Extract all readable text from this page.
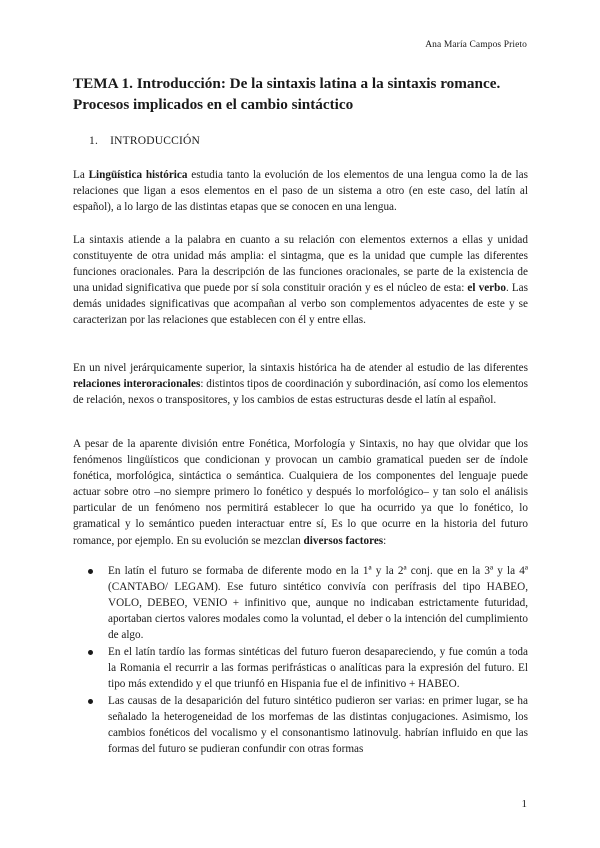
Ana María Campos Prieto
TEMA 1. Introducción: De la sintaxis latina a la sintaxis romance.
Procesos implicados en el cambio sintáctico
1. INTRODUCCIÓN
La Lingüística histórica estudia tanto la evolución de los elementos de una lengua como la de las relaciones que ligan a esos elementos en el paso de un sistema a otro (en este caso, del latín al español), a lo largo de las distintas etapas que se conocen en una lengua.
La sintaxis atiende a la palabra en cuanto a su relación con elementos externos a ellas y unidad constituyente de otra unidad más amplia: el sintagma, que es la unidad que cumple las diferentes funciones oracionales. Para la descripción de las funciones oracionales, se parte de la existencia de una unidad significativa que puede por sí sola constituir oración y es el núcleo de esta: el verbo. Las demás unidades significativas que acompañan al verbo son complementos adyacentes de este y se caracterizan por las relaciones que establecen con él y entre ellas.
En un nivel jerárquicamente superior, la sintaxis histórica ha de atender al estudio de las diferentes relaciones interoracionales: distintos tipos de coordinación y subordinación, así como los elementos de relación, nexos o transpositores, y los cambios de estas estructuras desde el latín al español.
A pesar de la aparente división entre Fonética, Morfología y Sintaxis, no hay que olvidar que los fenómenos lingüísticos que condicionan y provocan un cambio gramatical pueden ser de índole fonética, morfológica, sintáctica o semántica. Cualquiera de los componentes del lenguaje puede actuar sobre otro –no siempre primero lo fonético y después lo morfológico– y tan solo el análisis particular de un fenómeno nos permitirá establecer lo que ha ocurrido ya que lo fonético, lo gramatical y lo semántico pueden interactuar entre sí, Es lo que ocurre en la historia del futuro romance, por ejemplo. En su evolución se mezclan diversos factores:
En latín el futuro se formaba de diferente modo en la 1ª y la 2ª conj. que en la 3ª y la 4ª (CANTABO/ LEGAM). Ese futuro sintético convivía con perífrasis del tipo HABEO, VOLO, DEBEO, VENIO + infinitivo que, aunque no indicaban estrictamente futuridad, aportaban ciertos valores modales como la voluntad, el deber o la intención del cumplimiento de algo.
En el latín tardío las formas sintéticas del futuro fueron desapareciendo, y fue común a toda la Romania el recurrir a las formas perifrásticas o analíticas para la expresión del futuro. El tipo más extendido y el que triunfó en Hispania fue el de infinitivo + HABEO.
Las causas de la desaparición del futuro sintético pudieron ser varias: en primer lugar, se ha señalado la heterogeneidad de los morfemas de las distintas conjugaciones. Asimismo, los cambios fonéticos del vocalismo y el consonantismo latinovulg. habrían influido en que las formas del futuro se pudieran confundir con otras formas
1
